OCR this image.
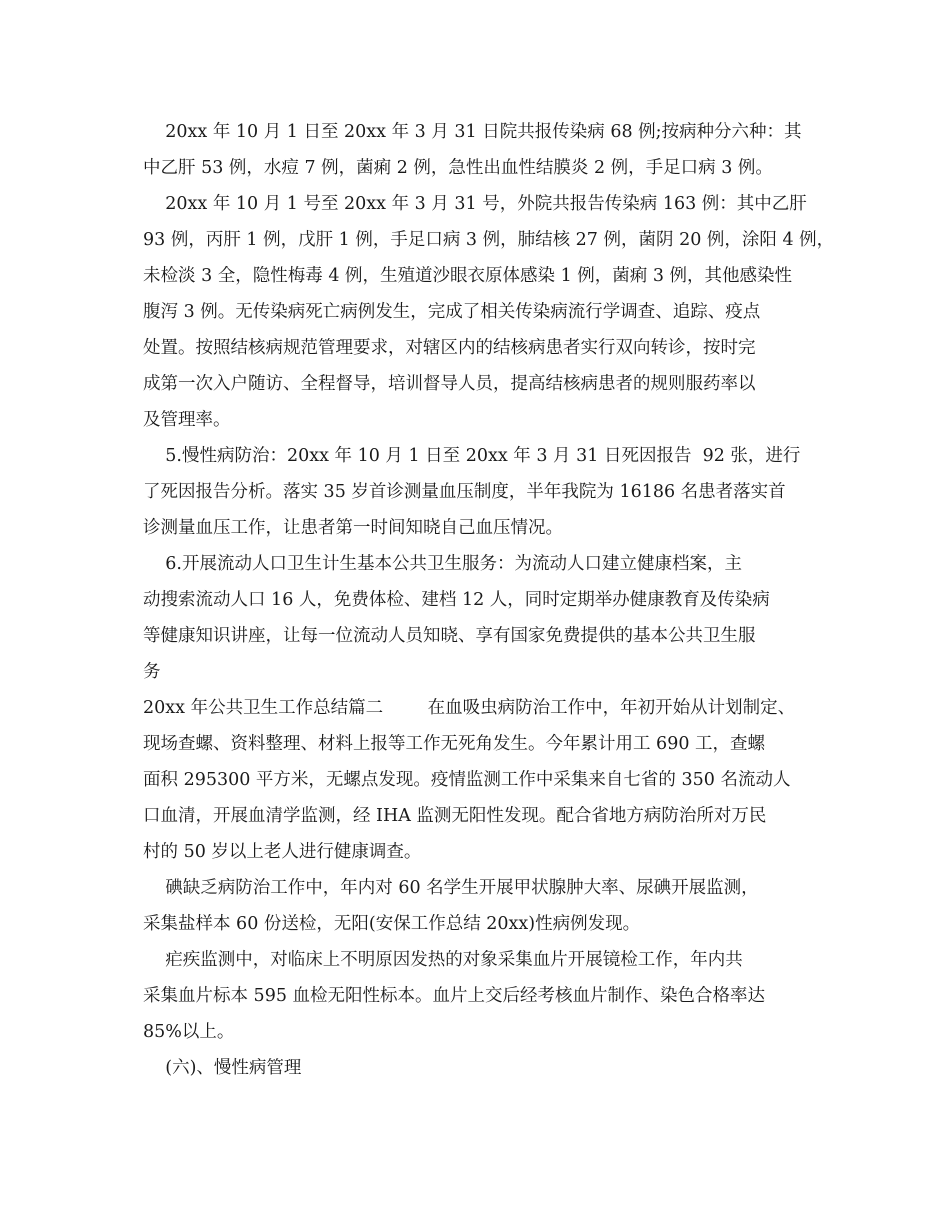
20xx 年 10 月 1 日至 20xx 年 3 月 31 日院共报传染病 68 例;按病种分六种：其
中乙肝 53 例，水痘 7 例，菌痢 2 例，急性出血性结膜炎 2 例，手足口病 3 例。
20xx 年 10 月 1 号至 20xx 年 3 月 31 号，外院共报告传染病 163 例：其中乙肝
93 例，丙肝 1 例，戊肝 1 例，手足口病 3 例，肺结核 27 例，菌阴 20 例，涂阳 4 例，
未检淡 3 全，隐性梅毒 4 例，生殖道沙眼衣原体感染 1 例，菌痢 3 例，其他感染性
腹泻 3 例。无传染病死亡病例发生，完成了相关传染病流行学调查、追踪、疫点
处置。按照结核病规范管理要求，对辖区内的结核病患者实行双向转诊，按时完
成第一次入户随访、全程督导，培训督导人员，提高结核病患者的规则服药率以
及管理率。
5.慢性病防治：20xx 年 10 月 1 日至 20xx 年 3 月 31 日死因报告  92 张，进行
了死因报告分析。落实 35 岁首诊测量血压制度，半年我院为 16186 名患者落实首
诊测量血压工作，让患者第一时间知晓自己血压情况。
6.开展流动人口卫生计生基本公共卫生服务：为流动人口建立健康档案，主
动搜索流动人口 16 人，免费体检、建档 12 人，同时定期举办健康教育及传染病
等健康知识讲座，让每一位流动人员知晓、享有国家免费提供的基本公共卫生服
务
20xx 年公共卫生工作总结篇二        在血吸虫病防治工作中，年初开始从计划制定、
现场查螺、资料整理、材料上报等工作无死角发生。今年累计用工 690 工，查螺
面积 295300 平方米，无螺点发现。疫情监测工作中采集来自七省的 350 名流动人
口血清，开展血清学监测，经 IHA 监测无阳性发现。配合省地方病防治所对万民
村的 50 岁以上老人进行健康调查。
碘缺乏病防治工作中，年内对 60 名学生开展甲状腺肿大率、尿碘开展监测，
采集盐样本 60 份送检，无阳(安保工作总结 20xx)性病例发现。
疟疾监测中，对临床上不明原因发热的对象采集血片开展镜检工作，年内共
采集血片标本 595 血检无阳性标本。血片上交后经考核血片制作、染色合格率达
85%以上。
(六)、慢性病管理
